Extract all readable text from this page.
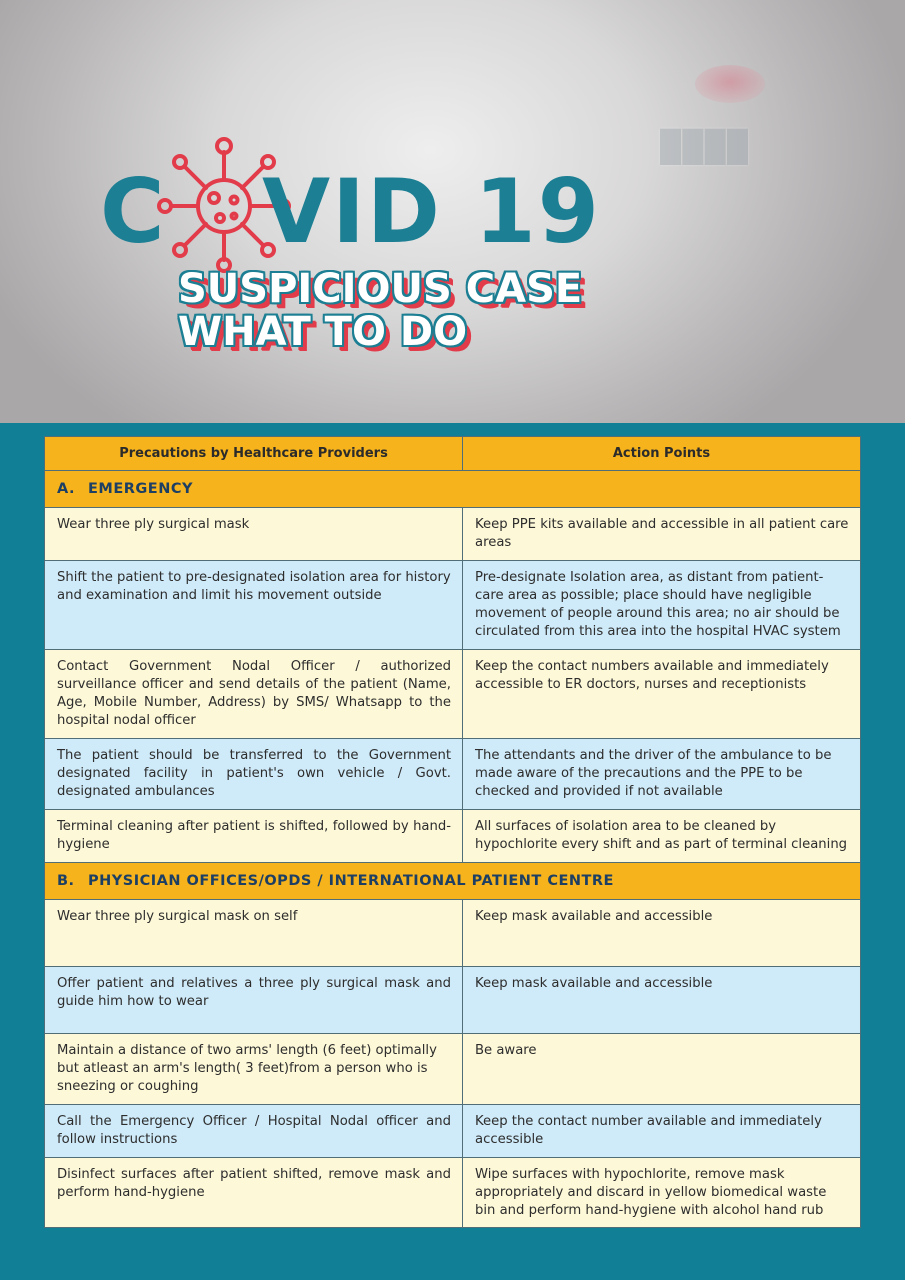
████
C VID 19
SUSPICIOUS CASE
WHAT TO DO
Precautions by Healthcare Providers	Action Points
A. EMERGENCY	
Wear three ply surgical mask	Keep PPE kits available and accessible in all patient care areas
Shift the patient to pre-designated isolation area for history and examination and limit his movement outside	Pre-designate Isolation area, as distant from patient-care area as possible; place should have negligible movement of people around this area; no air should be circulated from this area into the hospital HVAC system
Contact Government Nodal Officer / authorized surveillance officer and send details of the patient (Name, Age, Mobile Number, Address) by SMS/ Whatsapp to the hospital nodal officer	Keep the contact numbers available and immediately accessible to ER doctors, nurses and receptionists
The patient should be transferred to the Government designated facility in patient's own vehicle / Govt. designated ambulances	The attendants and the driver of the ambulance to be made aware of the precautions and the PPE to be checked and provided if not available
Terminal cleaning after patient is shifted, followed by hand-hygiene	All surfaces of isolation area to be cleaned by hypochlorite every shift and as part of terminal cleaning
B. PHYSICIAN OFFICES/OPDS / INTERNATIONAL PATIENT CENTRE	
Wear three ply surgical mask on self	Keep mask available and accessible
Offer patient and relatives a three ply surgical mask and guide him how to wear	Keep mask available and accessible
Maintain a distance of two arms' length (6 feet) optimally but atleast an arm's length( 3 feet)from a person who is sneezing or coughing	Be aware
Call the Emergency Officer / Hospital Nodal officer and follow instructions	Keep the contact number available and immediately accessible
Disinfect surfaces after patient shifted, remove mask and perform hand-hygiene	Wipe surfaces with hypochlorite, remove mask appropriately and discard in yellow biomedical waste bin and perform hand-hygiene with alcohol hand rub
